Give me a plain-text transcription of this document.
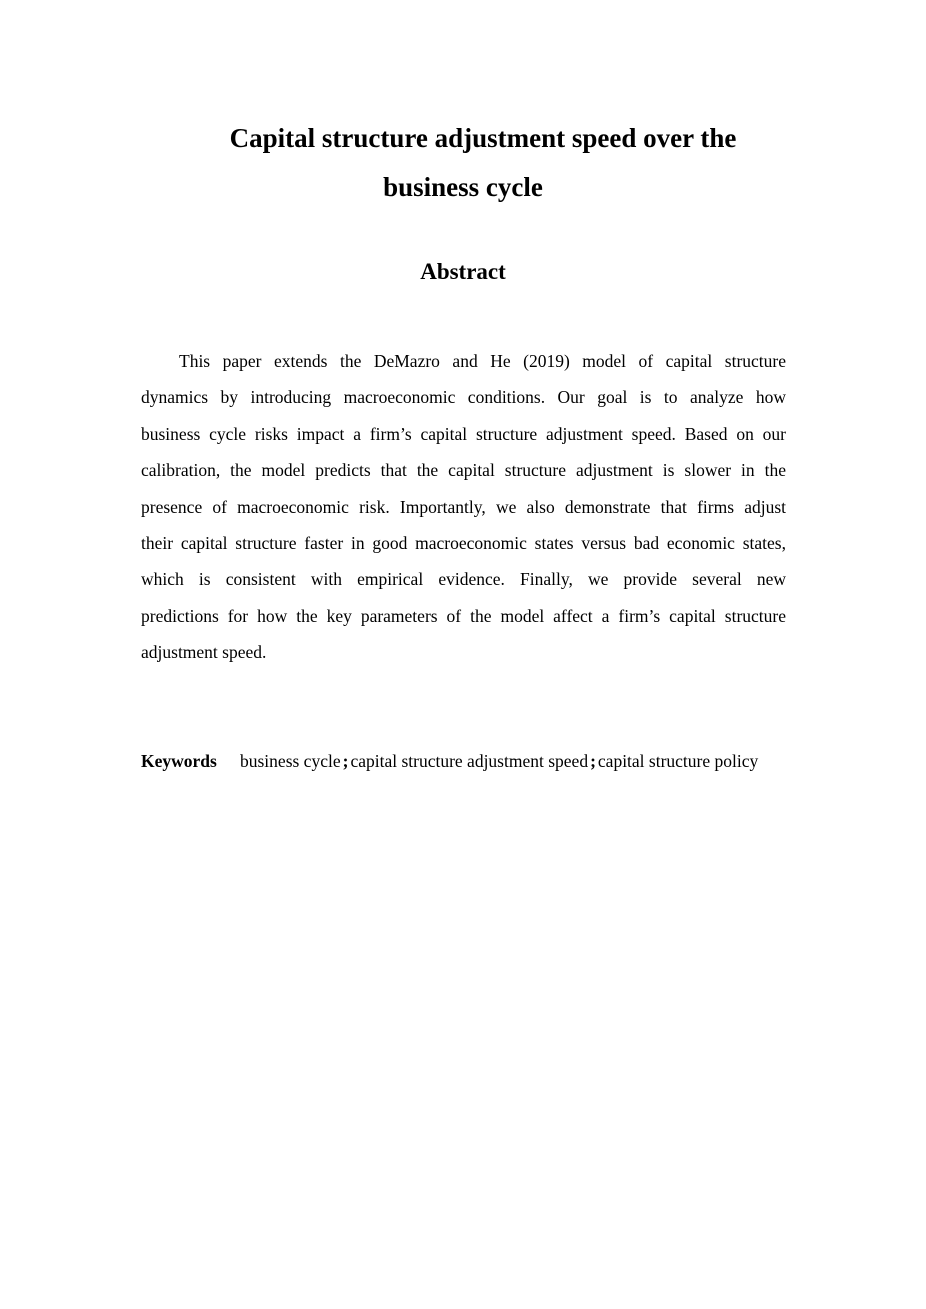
Capital structure adjustment speed over the
business cycle
Abstract
This paper extends the DeMazro and He (2019) model of capital structure
dynamics by introducing macroeconomic conditions. Our goal is to analyze how
business cycle risks impact a firm’s capital structure adjustment speed. Based on our
calibration, the model predicts that the capital structure adjustment is slower in the
presence of macroeconomic risk. Importantly, we also demonstrate that firms adjust
their capital structure faster in good macroeconomic states versus bad economic states,
which is consistent with empirical evidence. Finally, we provide several new
predictions for how the key parameters of the model affect a firm’s capital structure
adjustment speed.
Keywords business cycle ; capital structure adjustment speed ; capital structure policy
